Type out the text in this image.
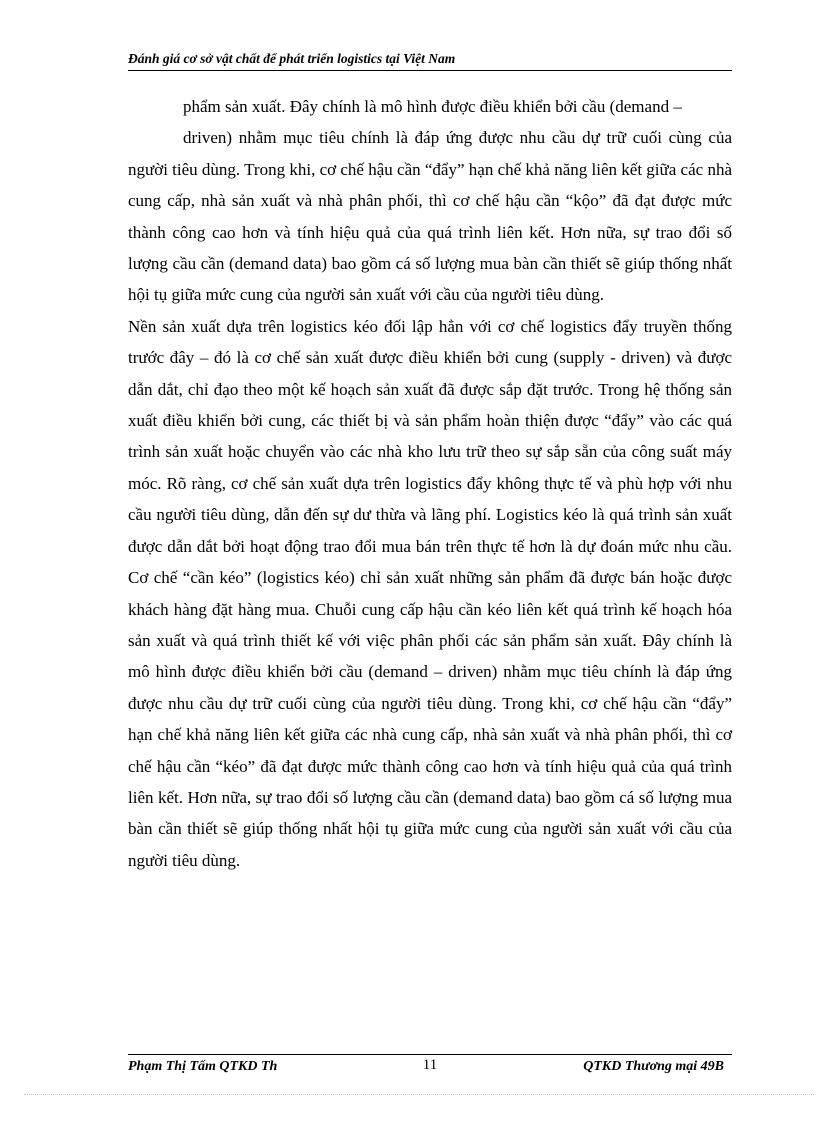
Đánh giá cơ sở vật chất để phát triển logistics tại Việt Nam

phẩm sản xuất. Đây chính là mô hình được điều khiển bởi cầu (demand –

driven) nhằm mục tiêu chính là đáp ứng được nhu cầu dự trữ cuối cùng của người tiêu dùng. Trong khi, cơ chế hậu cần “đẩy” hạn chế khả năng liên kết giữa các nhà cung cấp, nhà sản xuất và nhà phân phối, thì cơ chế hậu cần “kộo” đã đạt được mức thành công cao hơn và tính hiệu quả của quá trình liên kết. Hơn nữa, sự trao đổi số lượng cầu cần (demand data) bao gồm cá số lượng mua bàn cần thiết sẽ giúp thống nhất hội tụ giữa mức cung của người sản xuất với cầu của người tiêu dùng.

Nền sản xuất dựa trên logistics kéo đối lập hẳn với cơ chế logistics đẩy truyền thống trước đây – đó là cơ chế sản xuất được điều khiển bởi cung (supply - driven) và được dẫn dắt, chỉ đạo theo một kế hoạch sản xuất đã được sắp đặt trước. Trong hệ thống sản xuất điều khiển bởi cung, các thiết bị và sản phẩm hoàn thiện được “đẩy” vào các quá trình sản xuất hoặc chuyển vào các nhà kho lưu trữ theo sự sắp sẵn của công suất máy móc. Rõ ràng, cơ chế sản xuất dựa trên logistics đẩy không thực tế và phù hợp với nhu cầu người tiêu dùng, dẫn đến sự dư thừa và lãng phí. Logistics kéo là quá trình sản xuất được dẫn dắt bởi hoạt động trao đổi mua bán trên thực tế hơn là dự đoán mức nhu cầu. Cơ chế “cần kéo” (logistics kéo) chỉ sản xuất những sản phẩm đã được bán hoặc được khách hàng đặt hàng mua. Chuỗi cung cấp hậu cần kéo liên kết quá trình kế hoạch hóa sản xuất và quá trình thiết kế với việc phân phối các sản phẩm sản xuất. Đây chính là mô hình được điều khiển bởi cầu (demand – driven) nhằm mục tiêu chính là đáp ứng được nhu cầu dự trữ cuối cùng của người tiêu dùng. Trong khi, cơ chế hậu cần “đẩy” hạn chế khả năng liên kết giữa các nhà cung cấp, nhà sản xuất và nhà phân phối, thì cơ chế hậu cần “kéo” đã đạt được mức thành công cao hơn và tính hiệu quả của quá trình liên kết. Hơn nữa, sự trao đổi số lượng cầu cần (demand data) bao gồm cá số lượng mua bàn cần thiết sẽ giúp thống nhất hội tụ giữa mức cung của người sản xuất với cầu của người tiêu dùng.

Phạm Thị Tấm QTKD Th	11	QTKD Thương mại 49B
